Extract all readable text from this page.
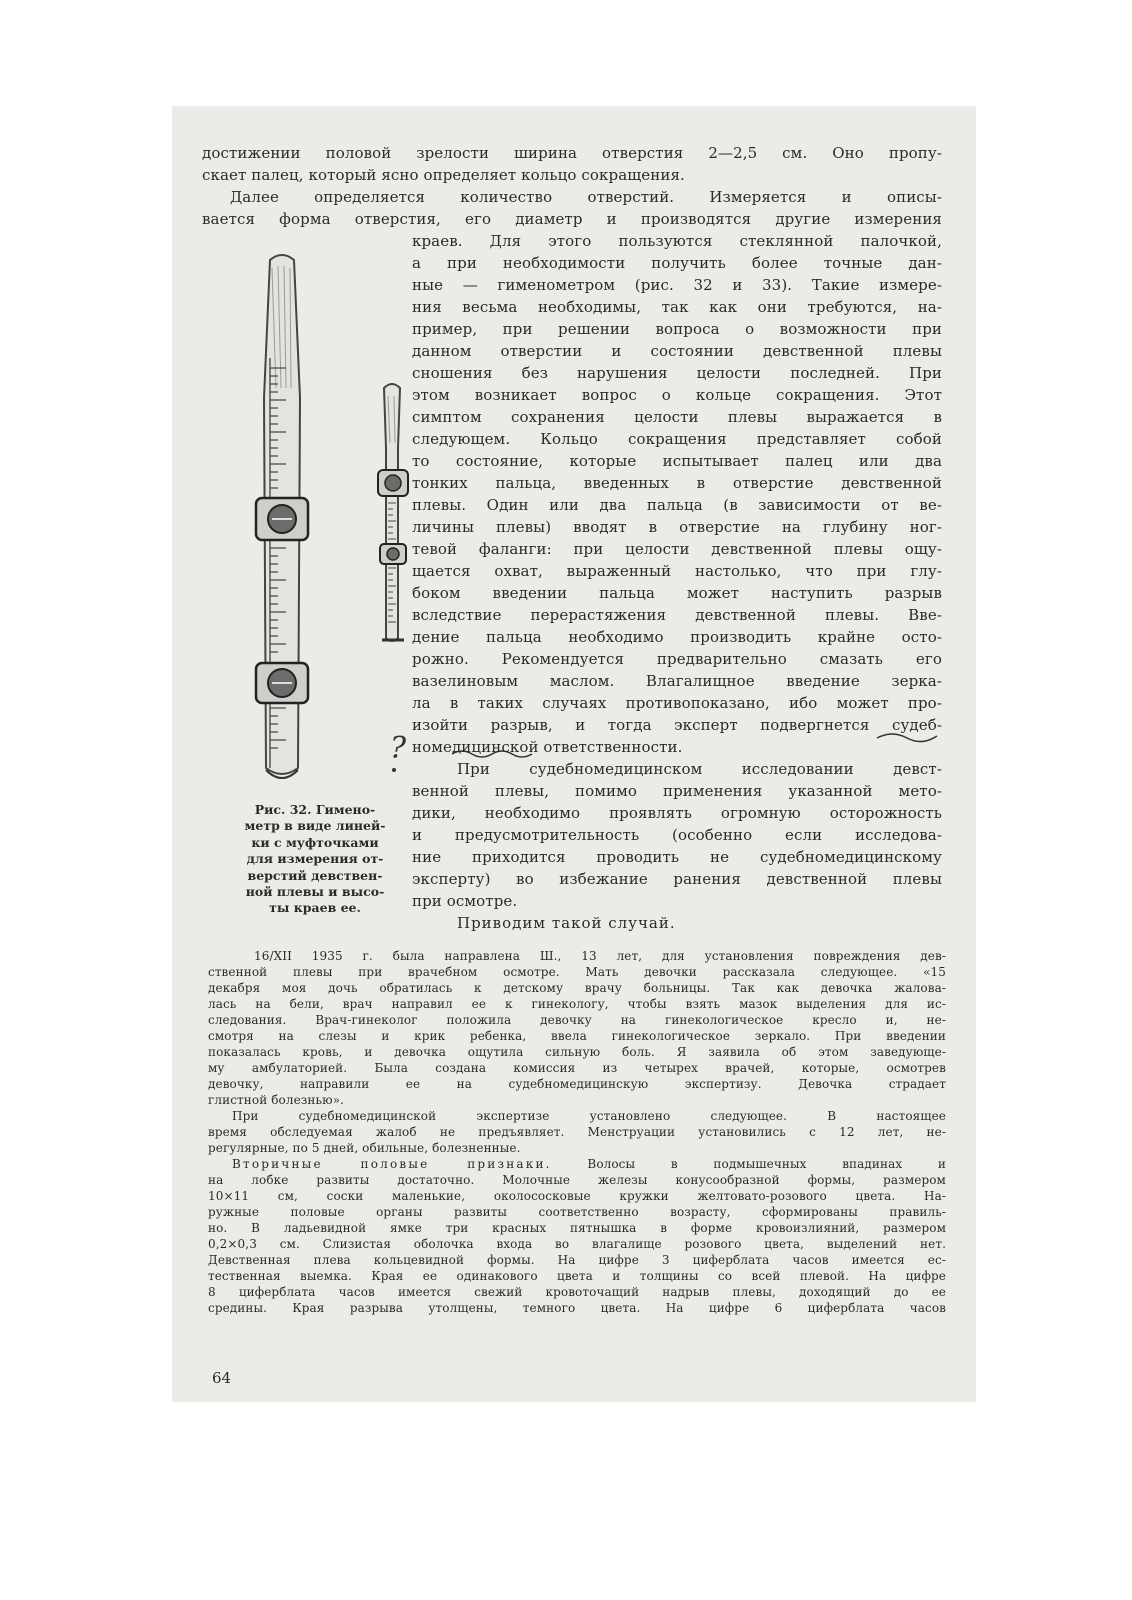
?
достижении половой зрелости ширина отверстия 2—2,5 см. Оно пропу-
скает палец, который ясно определяет кольцо сокращения.
Далее определяется количество отверстий. Измеряется и описы-
вается форма отверстия, его диаметр и производятся другие измерения
краев. Для этого пользуются стеклянной палочкой,
а при необходимости получить более точные дан-
ные — гименометром (рис. 32 и 33). Такие измере-
ния весьма необходимы, так как они требуются, на-
пример, при решении вопроса о возможности при
данном отверстии и состоянии девственной плевы
сношения без нарушения целости последней. При
этом возникает вопрос о кольце сокращения. Этот
симптом сохранения целости плевы выражается в
следующем. Кольцо сокращения представляет собой
то состояние, которые испытывает палец или два
тонких пальца, введенных в отверстие девственной
плевы. Один или два пальца (в зависимости от ве-
личины плевы) вводят в отверстие на глубину ног-
тевой фаланги: при целости девственной плевы ощу-
щается охват, выраженный настолько, что при глу-
боком введении пальца может наступить разрыв
вследствие перерастяжения девственной плевы. Вве-
дение пальца необходимо производить крайне осто-
рожно. Рекомендуется предварительно смазать его
вазелиновым маслом. Влагалищное введение зерка-
ла в таких случаях противопоказано, ибо может про-
изойти разрыв, и тогда эксперт подвергнется судеб-
номедицинской ответственности.
При судебномедицинском исследовании девст-
венной плевы, помимо применения указанной мето-
дики, необходимо проявлять огромную осторожность
и предусмотрительность (особенно если исследова-
ние приходится проводить не судебномедицинскому
эксперту) во избежание ранения девственной плевы
при осмотре.
Приводим такой случай.
Рис. 32. Гимено-
метр в виде линей-
ки с муфточками
для измерения от-
верстий девствен-
ной плевы и высо-
ты краев ее.
16/XII 1935 г. была направлена Ш., 13 лет, для установления повреждения дев-
ственной плевы при врачебном осмотре. Мать девочки рассказала следующее. «15
декабря моя дочь обратилась к детскому врачу больницы. Так как девочка жалова-
лась на бели, врач направил ее к гинекологу, чтобы взять мазок выделения для ис-
следования. Врач-гинеколог положила девочку на гинекологическое кресло и, не-
смотря на слезы и крик ребенка, ввела гинекологическое зеркало. При введении
показалась кровь, и девочка ощутила сильную боль. Я заявила об этом заведующе-
му амбулаторией. Была создана комиссия из четырех врачей, которые, осмотрев
девочку, направили ее на судебномедицинскую экспертизу. Девочка страдает
глистной болезнью».
При судебномедицинской экспертизе установлено следующее. В настоящее
время обследуемая жалоб не предъявляет. Менструации установились с 12 лет, не-
регулярные, по 5 дней, обильные, болезненные.
Вторичные половые признаки. Волосы в подмышечных впадинах и
на лобке развиты достаточно. Молочные железы конусообразной формы, размером
10×11 см, соски маленькие, околососковые кружки желтовато-розового цвета. На-
ружные половые органы развиты соответственно возрасту, сформированы правиль-
но. В ладьевидной ямке три красных пятнышка в форме кровоизлияний, размером
0,2×0,3 см. Слизистая оболочка входа во влагалище розового цвета, выделений нет.
Девственная плева кольцевидной формы. На цифре 3 циферблата часов имеется ес-
тественная выемка. Края ее одинакового цвета и толщины со всей плевой. На цифре
8 циферблата часов имеется свежий кровоточащий надрыв плевы, доходящий до ее
средины. Края разрыва утолщены, темного цвета. На цифре 6 циферблата часов
64
